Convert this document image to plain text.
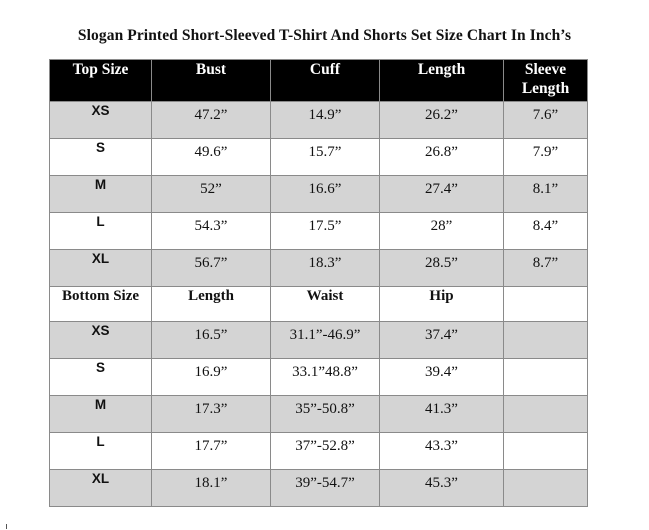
Slogan Printed Short-Sleeved T-Shirt And Shorts Set Size Chart In Inch’s
Top Size	Bust	Cuff	Length	Sleeve Length
XS	47.2”	14.9”	26.2”	7.6”
S	49.6”	15.7”	26.8”	7.9”
M	52”	16.6”	27.4”	8.1”
L	54.3”	17.5”	28”	8.4”
XL	56.7”	18.3”	28.5”	8.7”
Bottom Size	Length	Waist	Hip	
XS	16.5”	31.1”-46.9”	37.4”	
S	16.9”	33.1”48.8”	39.4”	
M	17.3”	35”-50.8”	41.3”	
L	17.7”	37”-52.8”	43.3”	
XL	18.1”	39”-54.7”	45.3”	
